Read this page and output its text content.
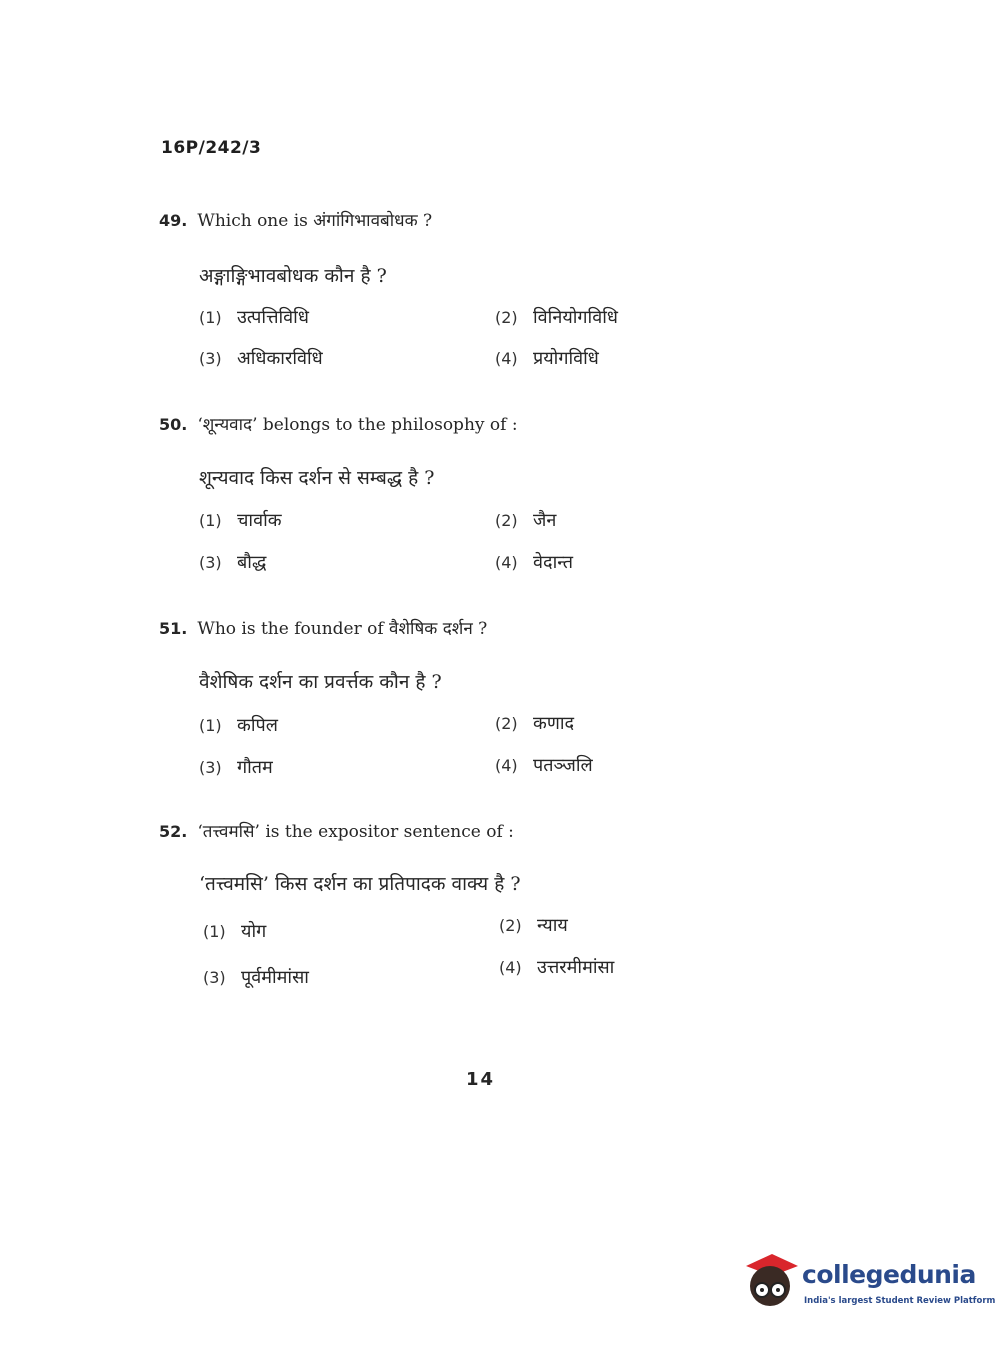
16P/242/3
49. Which one is अंगांगिभावबोधक ?
अङ्गाङ्गिभावबोधक कौन है ?
(1) उत्पत्तिविधि	(2) विनियोगविधि
(3) अधिकारविधि	(4) प्रयोगविधि
50. ‘शून्यवाद’ belongs to the philosophy of :
शून्यवाद किस दर्शन से सम्बद्ध है ?
(1) चार्वाक	(2) जैन
(3) बौद्ध	(4) वेदान्त
51. Who is the founder of वैशेषिक दर्शन ?
वैशेषिक दर्शन का प्रवर्त्तक कौन है ?
(1) कपिल	(2) कणाद
(3) गौतम	(4) पतञ्जलि
52. ‘तत्त्वमसि’ is the expositor sentence of :
‘तत्त्वमसि’ किस दर्शन का प्रतिपादक वाक्य है ?
(1) योग	(2) न्याय
(3) पूर्वमीमांसा	(4) उत्तरमीमांसा
14
collegedunia
India's largest Student Review Platform
